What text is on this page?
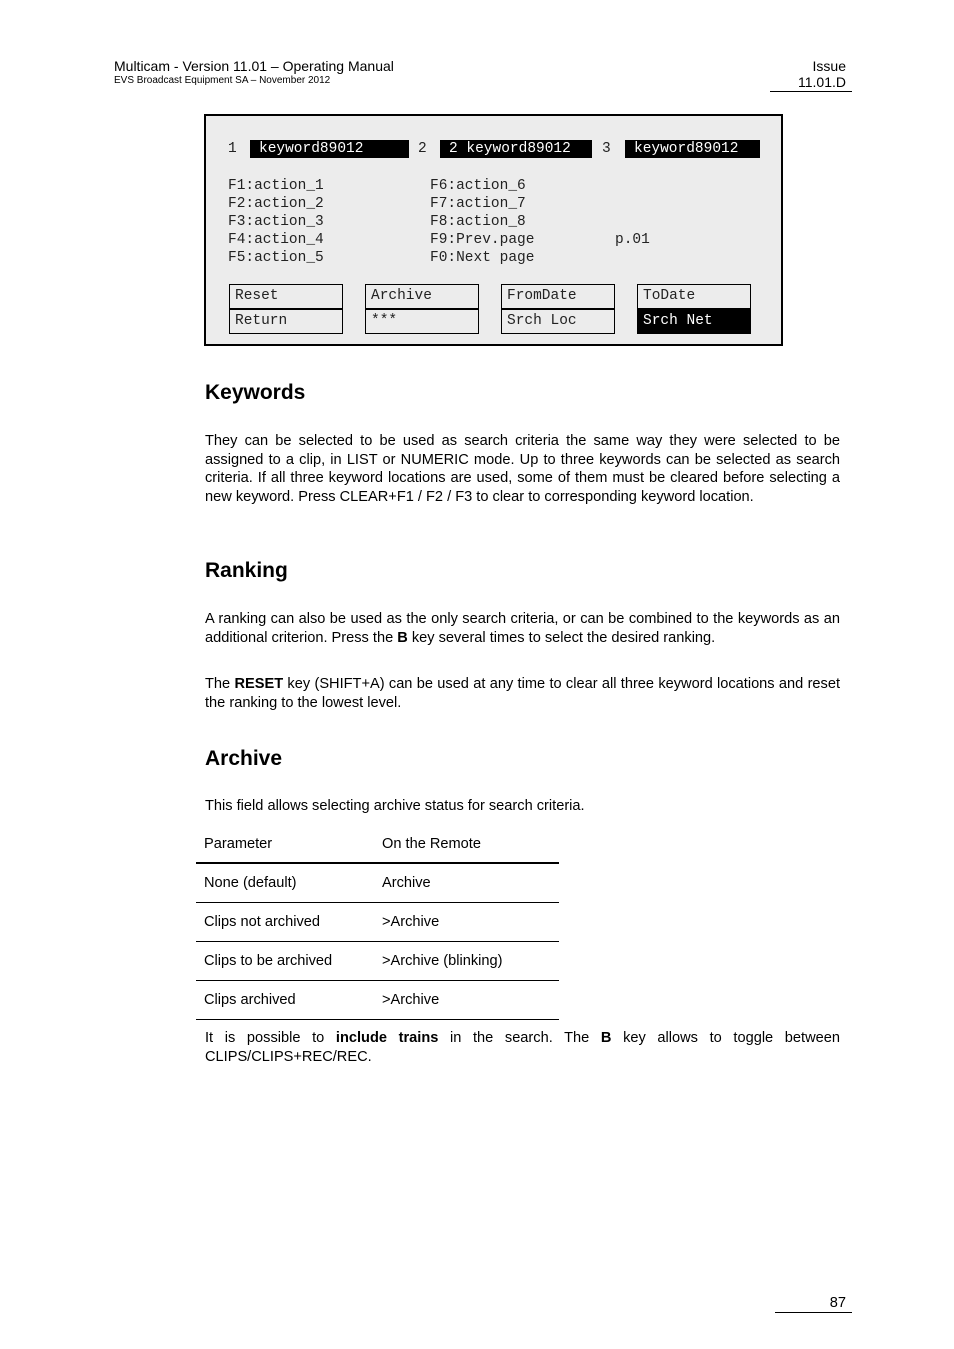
Multicam - Version 11.01 – Operating Manual
EVS Broadcast Equipment SA – November 2012
Issue
11.01.D
1	keyword89012	2	2 keyword89012	3	keyword89012
F1:action_1
F2:action_2
F3:action_3
F4:action_4
F5:action_5
F6:action_6
F7:action_7
F8:action_8
F9:Prev.page
F0:Next page
p.01
Reset
Return
Archive
***
FromDate
Srch Loc
ToDate
Srch Net
Keywords

They can be selected to be used as search criteria the same way they were selected to be assigned to a clip, in LIST or NUMERIC mode. Up to three keywords can be selected as search criteria. If all three keyword locations are used, some of them must be cleared before selecting a new keyword. Press CLEAR+F1 / F2 / F3 to clear to corresponding keyword location.

Ranking

A ranking can also be used as the only search criteria, or can be combined to the keywords as an additional criterion. Press the B key several times to select the desired ranking.

The RESET key (SHIFT+A) can be used at any time to clear all three keyword locations and reset the ranking to the lowest level.

Archive

This field allows selecting archive status for search criteria.

Parameter	On the Remote
None (default)	Archive
Clips not archived	>Archive
Clips to be archived	>Archive (blinking)
Clips archived	>Archive

It is possible to include trains in the search. The B key allows to toggle between CLIPS/CLIPS+REC/REC.

87
